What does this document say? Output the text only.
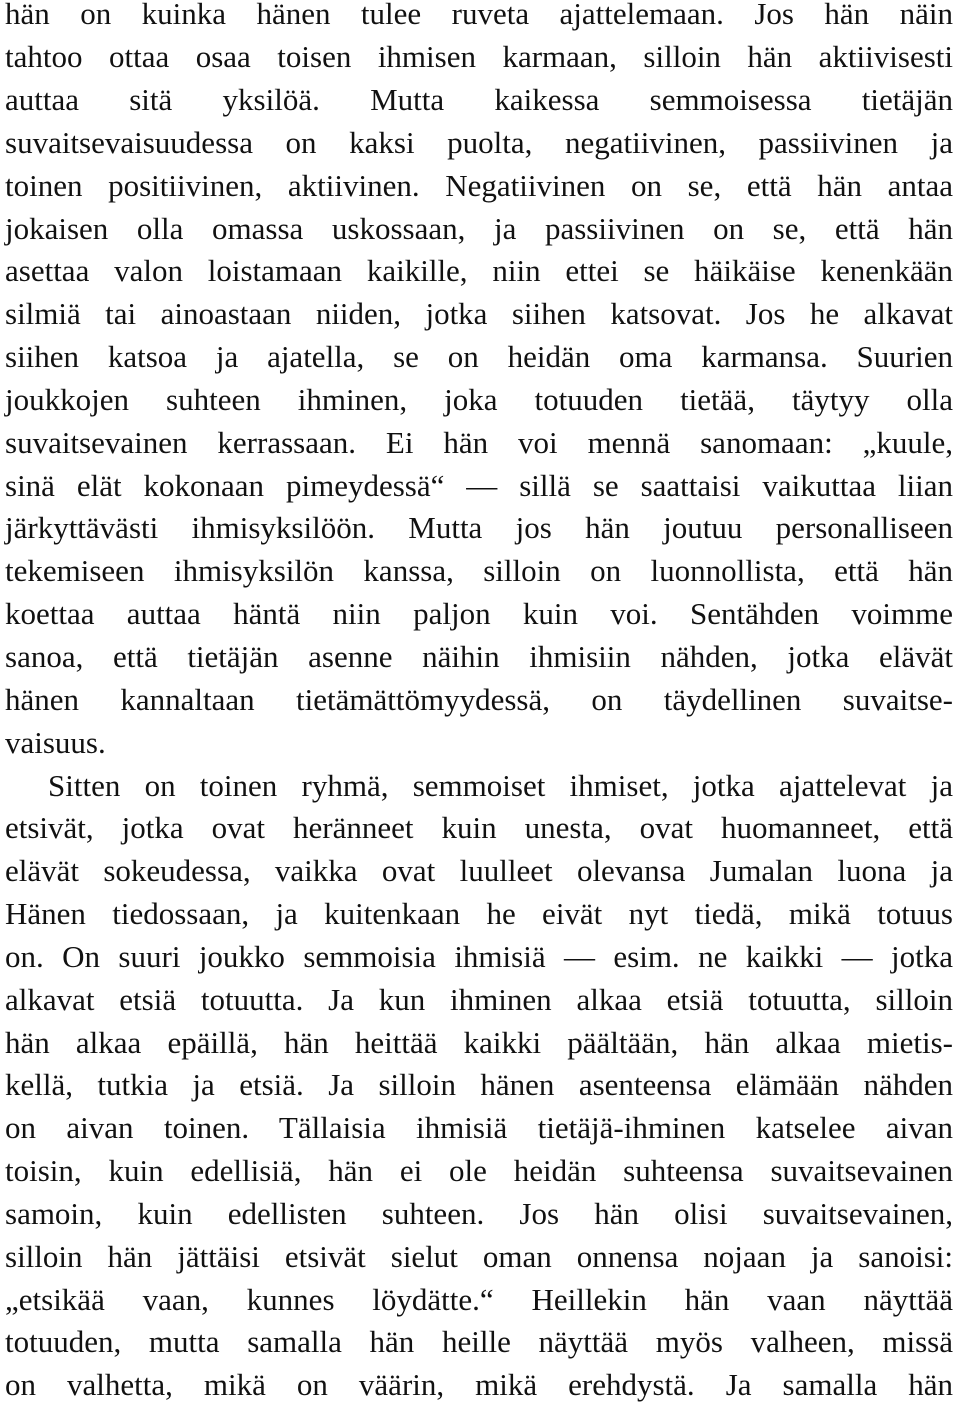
hän on kuinka hänen tulee ruveta ajattelemaan. Jos hän näin
tahtoo ottaa osaa toisen ihmisen karmaan, silloin hän aktiivisesti
auttaa sitä yksilöä. Mutta kaikessa semmoisessa tietäjän
suvaitsevaisuudessa on kaksi puolta, negatiivinen, passiivinen ja
toinen positiivinen, aktiivinen. Negatiivinen on se, että hän antaa
jokaisen olla omassa uskossaan, ja passiivinen on se, että hän
asettaa valon loistamaan kaikille, niin ettei se häikäise kenenkään
silmiä tai ainoastaan niiden, jotka siihen katsovat. Jos he alkavat
siihen katsoa ja ajatella, se on heidän oma karmansa. Suurien
joukkojen suhteen ihminen, joka totuuden tietää, täytyy olla
suvaitsevainen kerrassaan. Ei hän voi mennä sanomaan: „kuule,
sinä elät kokonaan pimeydessä“ — sillä se saattaisi vaikuttaa liian
järkyttävästi ihmisyksilöön. Mutta jos hän joutuu personalliseen
tekemiseen ihmisyksilön kanssa, silloin on luonnollista, että hän
koettaa auttaa häntä niin paljon kuin voi. Sentähden voimme
sanoa, että tietäjän asenne näihin ihmisiin nähden, jotka elävät
hänen kannaltaan tietämättömyydessä, on täydellinen suvaitse-
vaisuus.
Sitten on toinen ryhmä, semmoiset ihmiset, jotka ajattelevat ja
etsivät, jotka ovat heränneet kuin unesta, ovat huomanneet, että
elävät sokeudessa, vaikka ovat luulleet olevansa Jumalan luona ja
Hänen tiedossaan, ja kuitenkaan he eivät nyt tiedä, mikä totuus
on. On suuri joukko semmoisia ihmisiä — esim. ne kaikki — jotka
alkavat etsiä totuutta. Ja kun ihminen alkaa etsiä totuutta, silloin
hän alkaa epäillä, hän heittää kaikki päältään, hän alkaa mietis-
kellä, tutkia ja etsiä. Ja silloin hänen asenteensa elämään nähden
on aivan toinen. Tällaisia ihmisiä tietäjä-ihminen katselee aivan
toisin, kuin edellisiä, hän ei ole heidän suhteensa suvaitsevainen
samoin, kuin edellisten suhteen. Jos hän olisi suvaitsevainen,
silloin hän jättäisi etsivät sielut oman onnensa nojaan ja sanoisi:
„etsikää vaan, kunnes löydätte.“ Heillekin hän vaan näyttää
totuuden, mutta samalla hän heille näyttää myös valheen, missä
on valhetta, mikä on väärin, mikä erehdystä. Ja samalla hän
